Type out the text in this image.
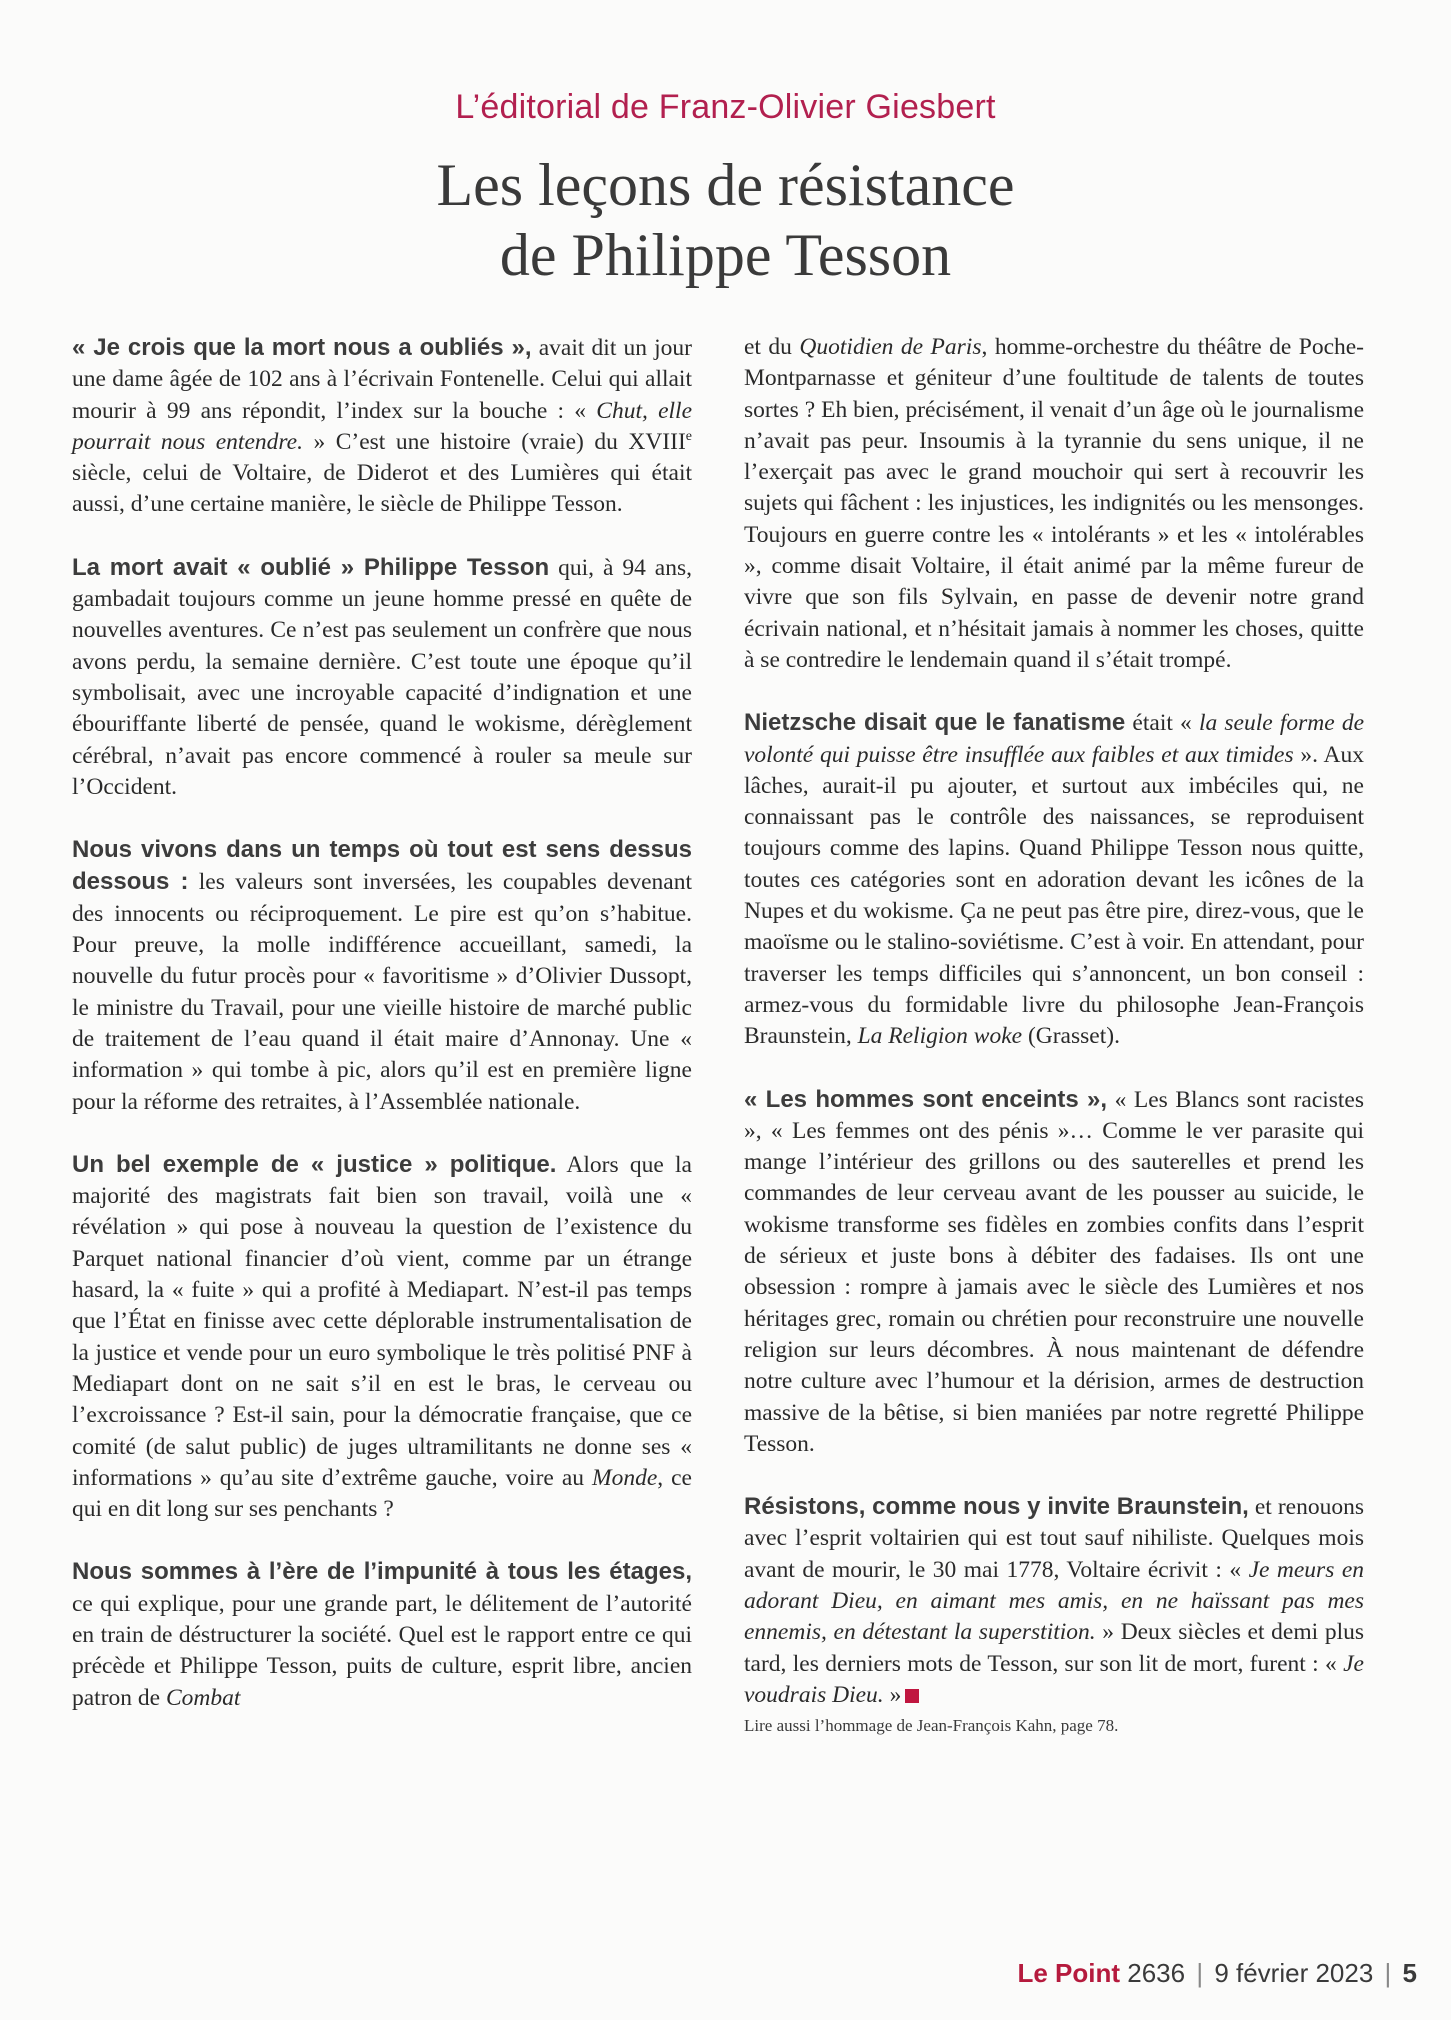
L’éditorial de Franz-Olivier Giesbert
Les leçons de résistance
de Philippe Tesson

« Je crois que la mort nous a oubliés », avait dit un jour une dame âgée de 102 ans à l’écrivain Fontenelle. Celui qui allait mourir à 99 ans répondit, l’index sur la bouche : « Chut, elle pourrait nous entendre. » C’est une histoire (vraie) du XVIIIe siècle, celui de Voltaire, de Diderot et des Lumières qui était aussi, d’une certaine manière, le siècle de Philippe Tesson.

La mort avait « oublié » Philippe Tesson qui, à 94 ans, gambadait toujours comme un jeune homme pressé en quête de nouvelles aventures. Ce n’est pas seulement un confrère que nous avons perdu, la semaine dernière. C’est toute une époque qu’il symbolisait, avec une incroyable capacité d’indignation et une ébouriffante liberté de pensée, quand le wokisme, dérèglement cérébral, n’avait pas encore commencé à rouler sa meule sur l’Occident.

Nous vivons dans un temps où tout est sens dessus dessous : les valeurs sont inversées, les coupables devenant des innocents ou réciproquement. Le pire est qu’on s’habitue. Pour preuve, la molle indifférence accueillant, samedi, la nouvelle du futur procès pour « favoritisme » d’Olivier Dussopt, le ministre du Travail, pour une vieille histoire de marché public de traitement de l’eau quand il était maire d’Annonay. Une « information » qui tombe à pic, alors qu’il est en première ligne pour la réforme des retraites, à l’Assemblée nationale.

Un bel exemple de « justice » politique. Alors que la majorité des magistrats fait bien son travail, voilà une « révélation » qui pose à nouveau la question de l’existence du Parquet national financier d’où vient, comme par un étrange hasard, la « fuite » qui a profité à Mediapart. N’est-il pas temps que l’État en finisse avec cette déplorable instrumentalisation de la justice et vende pour un euro symbolique le très politisé PNF à Mediapart dont on ne sait s’il en est le bras, le cerveau ou l’excroissance ? Est-il sain, pour la démocratie française, que ce comité (de salut public) de juges ultramilitants ne donne ses « informations » qu’au site d’extrême gauche, voire au Monde, ce qui en dit long sur ses penchants ?

Nous sommes à l’ère de l’impunité à tous les étages, ce qui explique, pour une grande part, le délitement de l’autorité en train de déstructurer la société. Quel est le rapport entre ce qui précède et Philippe Tesson, puits de culture, esprit libre, ancien patron de Combat

et du Quotidien de Paris, homme-orchestre du théâtre de Poche-Montparnasse et géniteur d’une foultitude de talents de toutes sortes ? Eh bien, précisément, il venait d’un âge où le journalisme n’avait pas peur. Insoumis à la tyrannie du sens unique, il ne l’exerçait pas avec le grand mouchoir qui sert à recouvrir les sujets qui fâchent : les injustices, les indignités ou les mensonges. Toujours en guerre contre les « intolérants » et les « intolérables », comme disait Voltaire, il était animé par la même fureur de vivre que son fils Sylvain, en passe de devenir notre grand écrivain national, et n’hésitait jamais à nommer les choses, quitte à se contredire le lendemain quand il s’était trompé.

Nietzsche disait que le fanatisme était « la seule forme de volonté qui puisse être insufflée aux faibles et aux timides ». Aux lâches, aurait-il pu ajouter, et surtout aux imbéciles qui, ne connaissant pas le contrôle des naissances, se reproduisent toujours comme des lapins. Quand Philippe Tesson nous quitte, toutes ces catégories sont en adoration devant les icônes de la Nupes et du wokisme. Ça ne peut pas être pire, direz-vous, que le maoïsme ou le stalino-soviétisme. C’est à voir. En attendant, pour traverser les temps difficiles qui s’annoncent, un bon conseil : armez-vous du formidable livre du philosophe Jean-François Braunstein, La Religion woke (Grasset).

« Les hommes sont enceints », « Les Blancs sont racistes », « Les femmes ont des pénis »… Comme le ver parasite qui mange l’intérieur des grillons ou des sauterelles et prend les commandes de leur cerveau avant de les pousser au suicide, le wokisme transforme ses fidèles en zombies confits dans l’esprit de sérieux et juste bons à débiter des fadaises. Ils ont une obsession : rompre à jamais avec le siècle des Lumières et nos héritages grec, romain ou chrétien pour reconstruire une nouvelle religion sur leurs décombres. À nous maintenant de défendre notre culture avec l’humour et la dérision, armes de destruction massive de la bêtise, si bien maniées par notre regretté Philippe Tesson.

Résistons, comme nous y invite Braunstein, et renouons avec l’esprit voltairien qui est tout sauf nihiliste. Quelques mois avant de mourir, le 30 mai 1778, Voltaire écrivit : « Je meurs en adorant Dieu, en aimant mes amis, en ne haïssant pas mes ennemis, en détestant la superstition. » Deux siècles et demi plus tard, les derniers mots de Tesson, sur son lit de mort, furent : « Je voudrais Dieu. »

Lire aussi l’hommage de Jean-François Kahn, page 78.
Le Point 2636 | 9 février 2023 | 5
